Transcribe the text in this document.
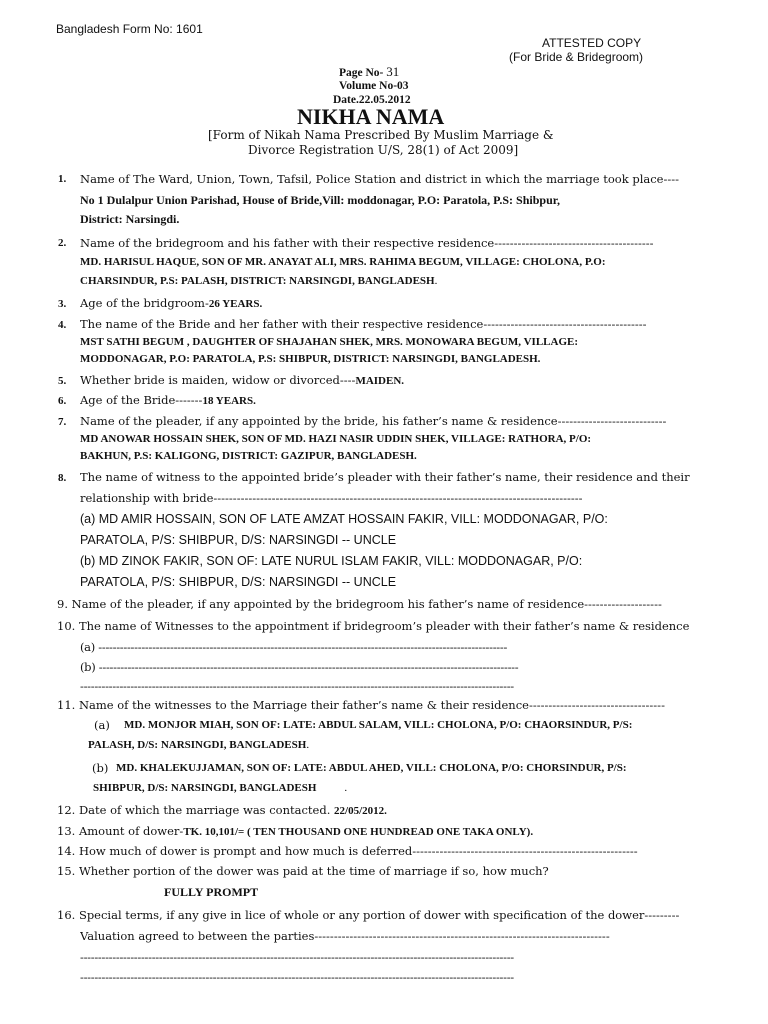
Bangladesh Form No: 1601
ATTESTED COPY
(For Bride & Bridegroom)
Page No- 31
Volume No-03
Date.22.05.2012
NIKHA NAMA
[Form of Nikah Nama Prescribed By Muslim Marriage &
Divorce Registration U/S, 28(1) of Act 2009]
1. Name of The Ward, Union, Town, Tafsil, Police Station and district in which the marriage took place----
No 1 Dulalpur Union Parishad, House of Bride,Vill: moddonagar, P.O: Paratola, P.S: Shibpur,
District: Narsingdi.
2. Name of the bridegroom and his father with their respective residence-----------------------------------------
MD. HARISUL HAQUE, SON OF MR. ANAYAT ALI, MRS. RAHIMA BEGUM, VILLAGE: CHOLONA, P.O:
CHARSINDUR, P.S: PALASH, DISTRICT: NARSINGDI, BANGLADESH.
3. Age of the bridgroom-26 YEARS.
4. The name of the Bride and her father with their respective residence------------------------------------------
MST SATHI BEGUM , DAUGHTER OF SHAJAHAN SHEK, MRS. MONOWARA BEGUM, VILLAGE:
MODDONAGAR, P.O: PARATOLA, P.S: SHIBPUR, DISTRICT: NARSINGDI, BANGLADESH.
5. Whether bride is maiden, widow or divorced----MAIDEN.
6. Age of the Bride-------18 YEARS.
7. Name of the pleader, if any appointed by the bride, his father’s name & residence----------------------------
MD ANOWAR HOSSAIN SHEK, SON OF MD. HAZI NASIR UDDIN SHEK, VILLAGE: RATHORA, P/O:
BAKHUN, P.S: KALIGONG, DISTRICT: GAZIPUR, BANGLADESH.
8. The name of witness to the appointed bride’s pleader with their father’s name, their residence and their
relationship with bride-----------------------------------------------------------------------------------------------
(a) MD AMIR HOSSAIN, SON OF LATE AMZAT HOSSAIN FAKIR, VILL: MODDONAGAR, P/O:
PARATOLA, P/S: SHIBPUR, D/S: NARSINGDI -- UNCLE
(b) MD ZINOK FAKIR, SON OF: LATE NURUL ISLAM FAKIR, VILL: MODDONAGAR, P/O:
PARATOLA, P/S: SHIBPUR, D/S: NARSINGDI -- UNCLE
9. Name of the pleader, if any appointed by the bridegroom his father’s name of residence--------------------
10. The name of Witnesses to the appointment if bridegroom’s pleader with their father’s name & residence
(a) ------------------------------------------------------------------------------------------------------------------
(b) ---------------------------------------------------------------------------------------------------------------------
-------------------------------------------------------------------------------------------------------------------------
11. Name of the witnesses to the Marriage their father’s name & their residence-----------------------------------
(a) MD. MONJOR MIAH, SON OF: LATE: ABDUL SALAM, VILL: CHOLONA, P/O: CHAORSINDUR, P/S:
PALASH, D/S: NARSINGDI, BANGLADESH.
(b) MD. KHALEKUJJAMAN, SON OF: LATE: ABDUL AHED, VILL: CHOLONA, P/O: CHORSINDUR, P/S:
SHIBPUR, D/S: NARSINGDI, BANGLADESH	.
12. Date of which the marriage was contacted. 22/05/2012.
13. Amount of dower-TK. 10,101/= ( TEN THOUSAND ONE HUNDREAD ONE TAKA ONLY).
14. How much of dower is prompt and how much is deferred----------------------------------------------------------
15. Whether portion of the dower was paid at the time of marriage if so, how much?
FULLY PROMPT
16. Special terms, if any give in lice of whole or any portion of dower with specification of the dower---------
Valuation agreed to between the parties----------------------------------------------------------------------------
-------------------------------------------------------------------------------------------------------------------------
-------------------------------------------------------------------------------------------------------------------------
